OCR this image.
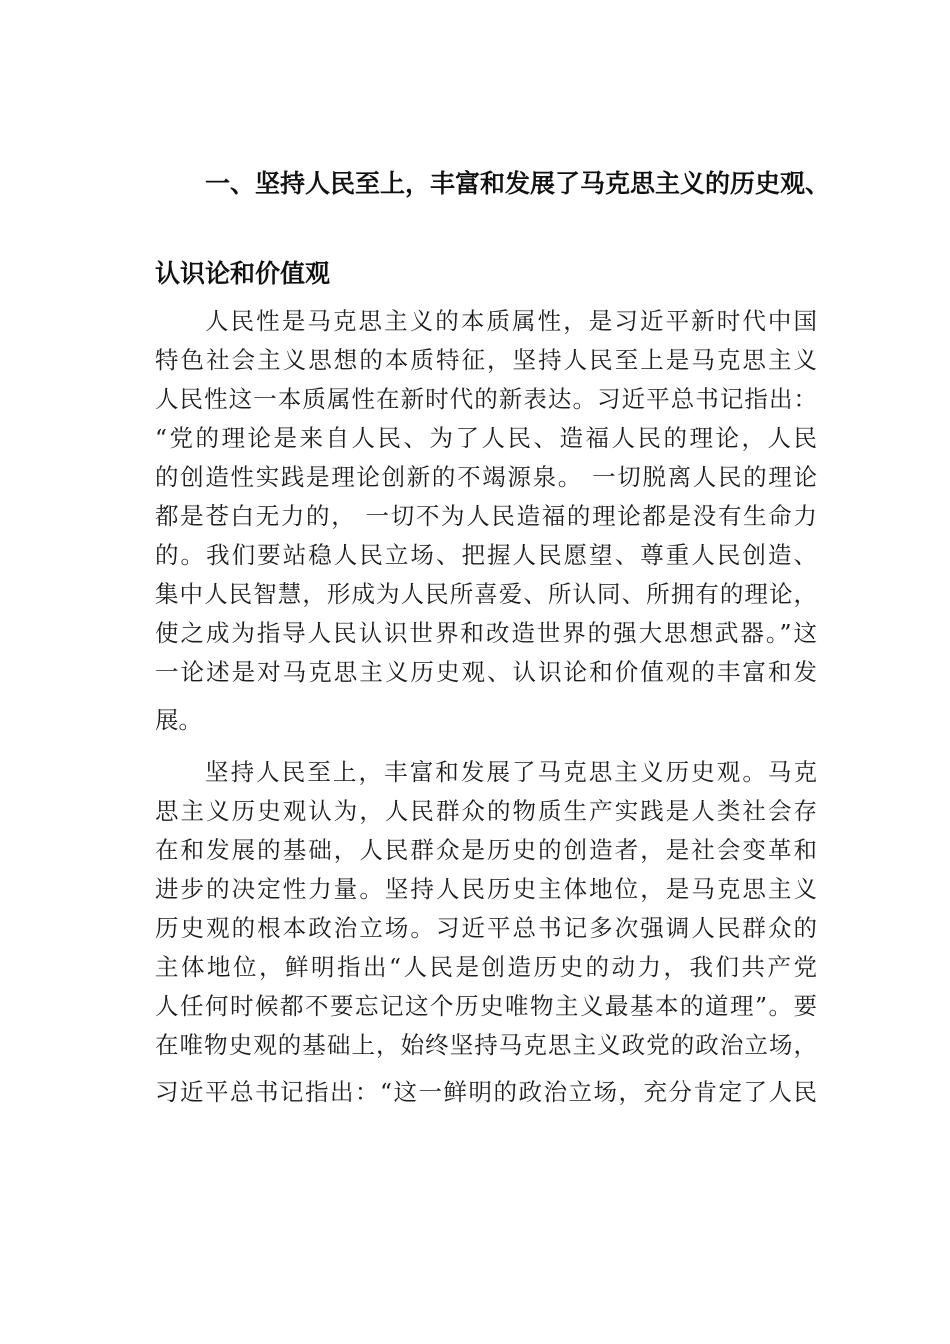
一、坚持人民至上，丰富和发展了马克思主义的历史观、
认识论和价值观
人民性是马克思主义的本质属性，是习近平新时代中国
特色社会主义思想的本质特征，坚持人民至上是马克思主义
人民性这一本质属性在新时代的新表达。习近平总书记指出：
“党的理论是来自人民、为了人民、造福人民的理论，人民
的创造性实践是理论创新的不竭源泉。 一切脱离人民的理论
都是苍白无力的， 一切不为人民造福的理论都是没有生命力
的。我们要站稳人民立场、把握人民愿望、尊重人民创造、
集中人民智慧，形成为人民所喜爱、所认同、所拥有的理论，
使之成为指导人民认识世界和改造世界的强大思想武器。”这
一论述是对马克思主义历史观、认识论和价值观的丰富和发
展。
坚持人民至上，丰富和发展了马克思主义历史观。马克
思主义历史观认为，人民群众的物质生产实践是人类社会存
在和发展的基础，人民群众是历史的创造者，是社会变革和
进步的决定性力量。坚持人民历史主体地位，是马克思主义
历史观的根本政治立场。习近平总书记多次强调人民群众的
主体地位，鲜明指出“人民是创造历史的动力，我们共产党
人任何时候都不要忘记这个历史唯物主义最基本的道理”。要
在唯物史观的基础上，始终坚持马克思主义政党的政治立场，
习近平总书记指出：“这一鲜明的政治立场，充分肯定了人民
